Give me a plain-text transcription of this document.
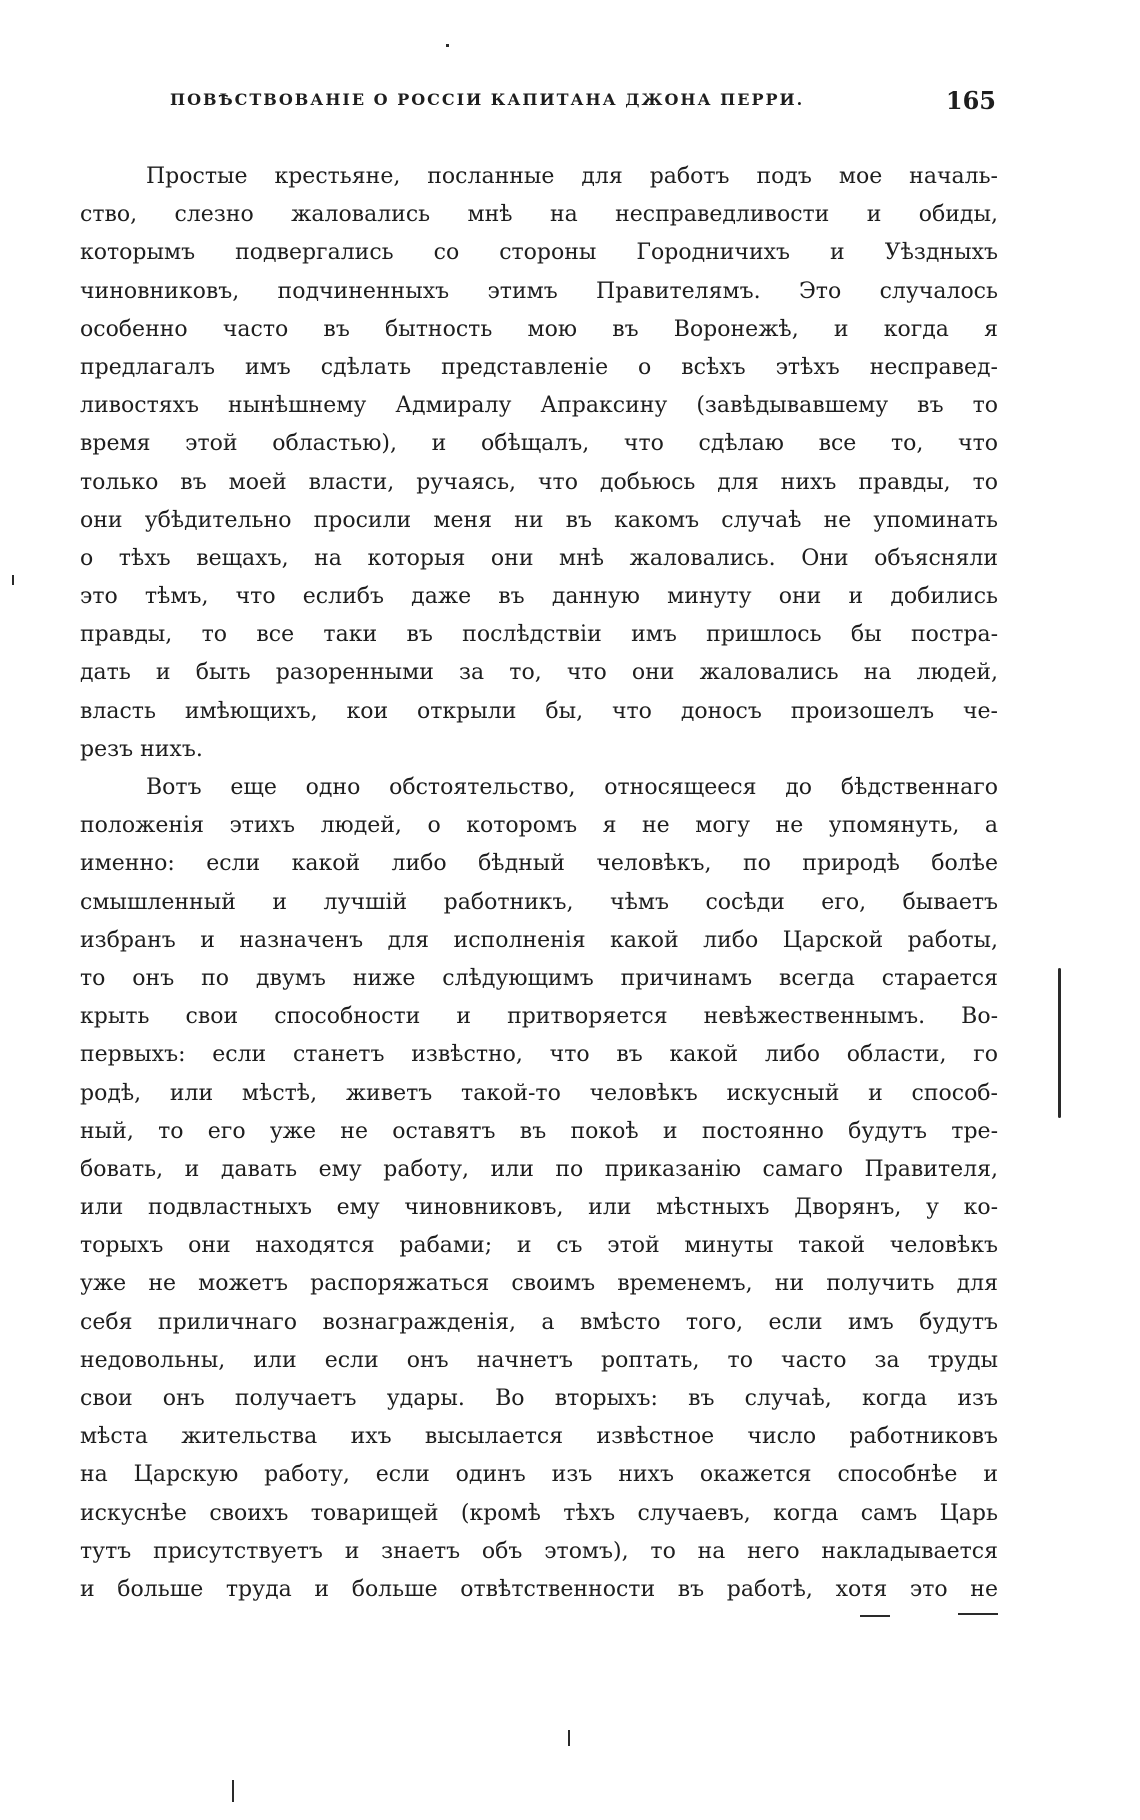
ПОВѢСТВОВАНІЕ О РОССІИ КАПИТАНА ДЖОНА ПЕРРИ.	165
Простые крестьяне, посланные для работъ подъ мое началь-
ство, слезно жаловались мнѣ на несправедливости и обиды,
которымъ подвергались со стороны Городничихъ и Уѣздныхъ
чиновниковъ, подчиненныхъ этимъ Правителямъ. Это случалось
особенно часто въ бытность мою въ Воронежѣ, и когда я
предлагалъ имъ сдѣлать представленіе о всѣхъ этѣхъ несправед-
ливостяхъ нынѣшнему Адмиралу Апраксину (завѣдывавшему въ то
время этой областью), и обѣщалъ, что сдѣлаю все то, что
только въ моей власти, ручаясь, что добьюсь для нихъ правды, то
они убѣдительно просили меня ни въ какомъ случаѣ не упоминать
о тѣхъ вещахъ, на которыя они мнѣ жаловались. Они объясняли
это тѣмъ, что еслибъ даже въ данную минуту они и добились
правды, то все таки въ послѣдствіи имъ пришлось бы постра-
дать и быть разоренными за то, что они жаловались на людей,
власть имѣющихъ, кои открыли бы, что доносъ произошелъ че-
резъ нихъ.
Вотъ еще одно обстоятельство, относящееся до бѣдственнаго
положенія этихъ людей, о которомъ я не могу не упомянуть, а
именно: если какой либо бѣдный человѣкъ, по природѣ болѣе
смышленный и лучшій работникъ, чѣмъ сосѣди его, бываетъ
избранъ и назначенъ для исполненія какой либо Царской работы,
то онъ по двумъ ниже слѣдующимъ причинамъ всегда старается
крыть свои способности и притворяется невѣжественнымъ. Во-
первыхъ: если станетъ извѣстно, что въ какой либо области, го
родѣ, или мѣстѣ, живетъ такой-то человѣкъ искусный и способ-
ный, то его уже не оставятъ въ покоѣ и постоянно будутъ тре-
бовать, и давать ему работу, или по приказанію самаго Правителя,
или подвластныхъ ему чиновниковъ, или мѣстныхъ Дворянъ, у ко-
торыхъ они находятся рабами; и съ этой минуты такой человѣкъ
уже не можетъ распоряжаться своимъ временемъ, ни получить для
себя приличнаго вознагражденія, а вмѣсто того, если имъ будутъ
недовольны, или если онъ начнетъ роптать, то часто за труды
свои онъ получаетъ удары. Во вторыхъ: въ случаѣ, когда изъ
мѣста жительства ихъ высылается извѣстное число работниковъ
на Царскую работу, если одинъ изъ нихъ окажется способнѣе и
искуснѣе своихъ товарищей (кромѣ тѣхъ случаевъ, когда самъ Царь
тутъ присутствуетъ и знаетъ объ этомъ), то на него накладывается
и больше труда и больше отвѣтственности въ работѣ, хотя это не
